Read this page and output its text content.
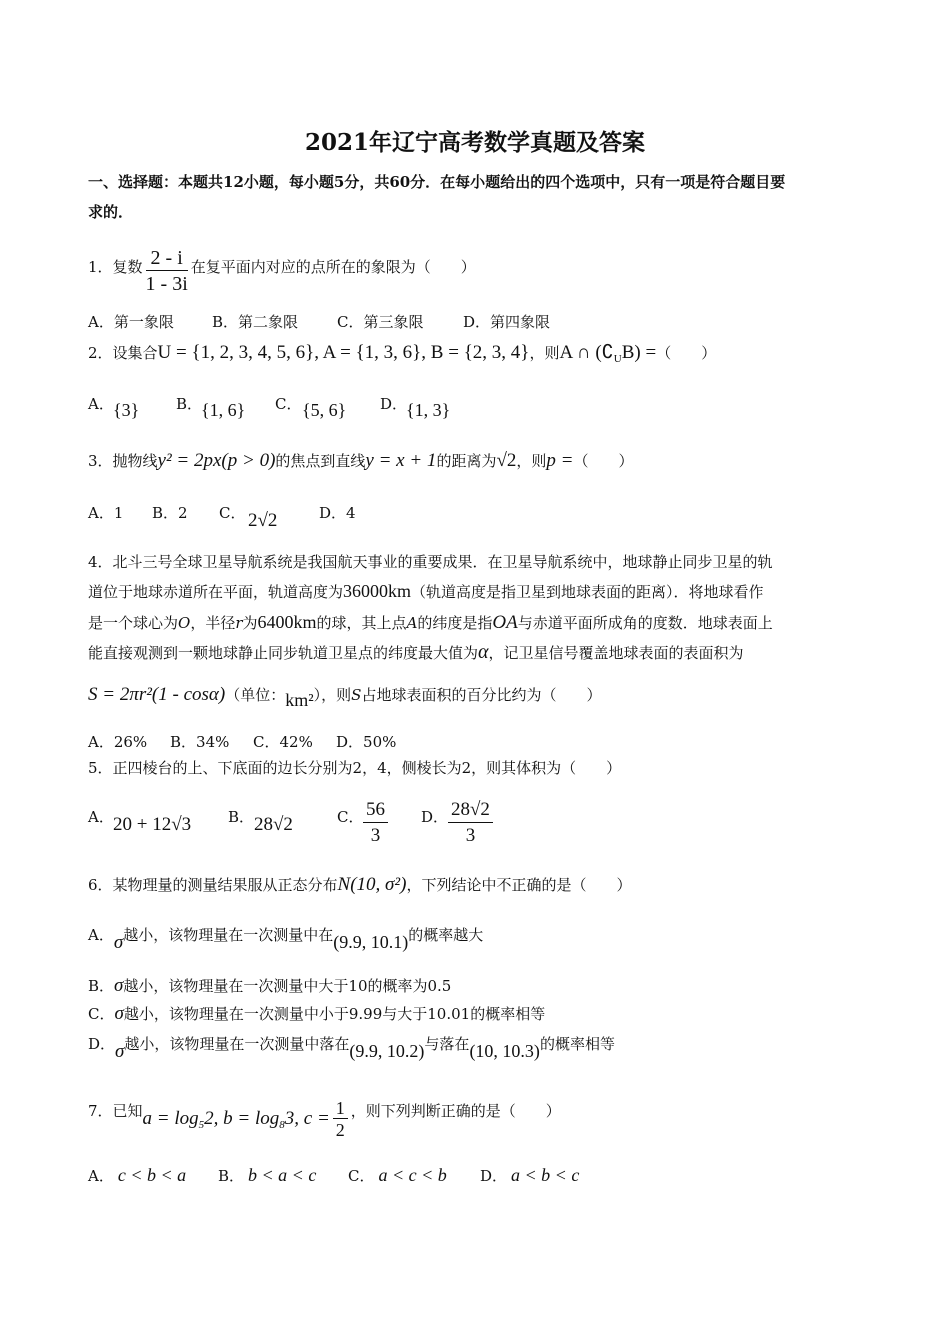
2021年辽宁高考数学真题及答案
一、选择题：本题共12小题，每小题5分，共60分．在每小题给出的四个选项中，只有一项是符合题目要
求的．
1．复数 $\frac{2 - i}{1 - 3i}$ 在复平面内对应的点所在的象限为（　　）
A．第一象限	B．第二象限	C．第三象限	D．第四象限
2．设集合U = {1, 2, 3, 4, 5, 6}, A = {1, 3, 6}, B = {2, 3, 4}，则A ∩ $(∁_UB)$ =（　　）
A． {3} B．
{1, 6} C． {5, 6} D．
{1, 3}
3．抛物线y² = 2px(p > 0)的焦点到直线y = x + 1的距离为√2，则p =（　　）
A．1 B．2 C． 2√2	D．4
4．北斗三号全球卫星导航系统是我国航天事业的重要成果．在卫星导航系统中，地球静止同步卫星的轨
道位于地球赤道所在平面，轨道高度为36000km（轨道高度是指卫星到地球表面的距离）．将地球看作
是一个球心为O，半径r为6400km的球，其上点A的纬度是指OA与赤道平面所成角的度数．地球表面上
能直接观测到一颗地球静止同步轨道卫星点的纬度最大值为α，记卫星信号覆盖地球表面的表面积为
S = 2πr²(1 - cosα)（单位：km²），则S占地球表面积的百分比约为（　　）
A．26% B．34% C．42% D．50%
5．正四棱台的上、下底面的边长分别为2，4，侧棱长为2，则其体积为（　　）
A． 20 + 12√3 B． 28√2	C． $\frac{56}{3}$ D． $\frac{28√2}{3}$
6．某物理量的测量结果服从正态分布N(10, σ²)，下列结论中不正确的是（　　）
A．σ越小，该物理量在一次测量中在(9.9, 10.1)的概率越大
B．σ越小，该物理量在一次测量中大于10的概率为0.5
C．σ越小，该物理量在一次测量中小于9.99与大于10.01的概率相等
D．σ越小，该物理量在一次测量中落在(9.9, 10.2)与落在(10, 10.3)的概率相等
7．已知$a = \log_52$, $b = \log_83$, $c = \frac{1}{2}$ ，则下列判断正确的是（　　）
A． c < b < a B． b < a < c C． a < c < b D． a < b < c
